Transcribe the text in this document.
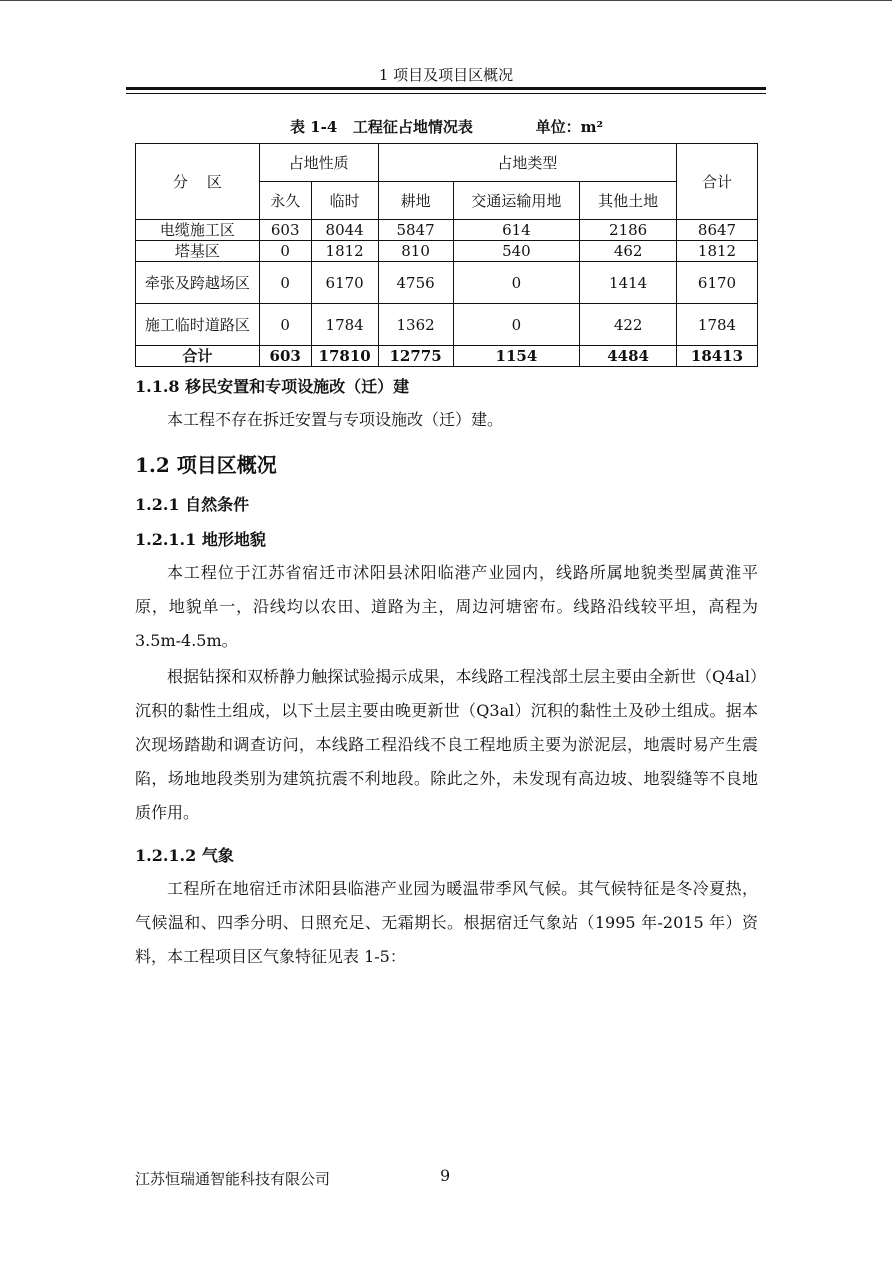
1 项目及项目区概况
表 1-4   工程征占地情况表            单位：m²
分    区	占地性质		占地类型			合计
	永久	临时	耕地	交通运输用地	其他土地	
电缆施工区	603	8044	5847	614	2186	8647
塔基区	0	1812	810	540	462	1812
牵张及跨越场区	0	6170	4756	0	1414	6170
施工临时道路区	0	1784	1362	0	422	1784
合计	603	17810	12775	1154	4484	18413
1.1.8 移民安置和专项设施改（迁）建

本工程不存在拆迁安置与专项设施改（迁）建。

1.2 项目区概况
1.2.1 自然条件
1.2.1.1 地形地貌

本工程位于江苏省宿迁市沭阳县沭阳临港产业园内，线路所属地貌类型属黄淮平原，地貌单一，沿线均以农田、道路为主，周边河塘密布。线路沿线较平坦，高程为 3.5m-4.5m。

根据钻探和双桥静力触探试验揭示成果，本线路工程浅部土层主要由全新世（Q4al）沉积的黏性土组成，以下土层主要由晚更新世（Q3al）沉积的黏性土及砂土组成。据本次现场踏勘和调查访问，本线路工程沿线不良工程地质主要为淤泥层，地震时易产生震陷，场地地段类别为建筑抗震不利地段。除此之外，未发现有高边坡、地裂缝等不良地质作用。

1.2.1.2 气象

工程所在地宿迁市沭阳县临港产业园为暖温带季风气候。其气候特征是冬冷夏热，气候温和、四季分明、日照充足、无霜期长。根据宿迁气象站（1995 年-2015 年）资料，本工程项目区气象特征见表 1-5：

江苏恒瑞通智能科技有限公司	9
